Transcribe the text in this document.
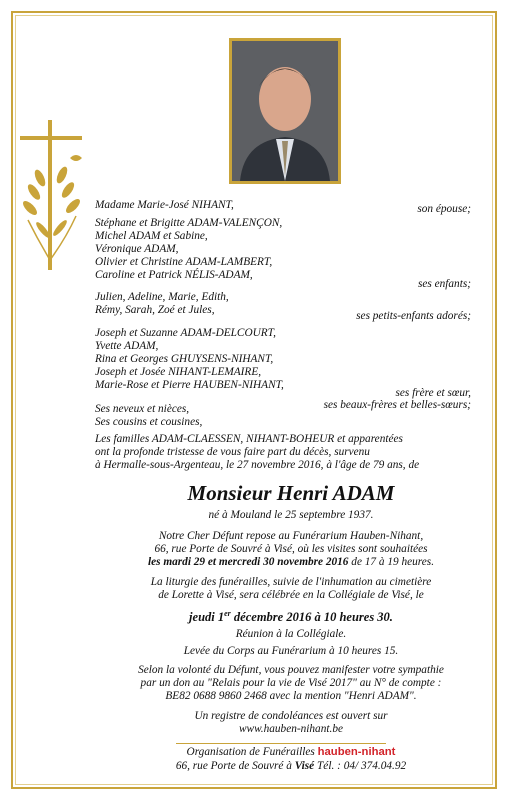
Madame Marie-José NIHANT,	son épouse;
Stéphane et Brigitte ADAM-VALENÇON,
Michel ADAM et Sabine,
Véronique ADAM,
Olivier et Christine ADAM-LAMBERT,
Caroline et Patrick NÉLIS-ADAM,
ses enfants;
Julien, Adeline, Marie, Edith,
Rémy, Sarah, Zoé et Jules,	ses petits-enfants adorés;
Joseph et Suzanne ADAM-DELCOURT,
Yvette ADAM,
Rina et Georges GHUYSENS-NIHANT,
Joseph et Josée NIHANT-LEMAIRE,
Marie-Rose et Pierre HAUBEN-NIHANT,
ses frère et sœur,
ses beaux-frères et belles-sœurs;
Ses neveux et nièces,
Ses cousins et cousines,
Les familles ADAM-CLAESSEN, NIHANT-BOHEUR et apparentées
ont la profonde tristesse de vous faire part du décès, survenu
à Hermalle-sous-Argenteau, le 27 novembre 2016, à l'âge de 79 ans, de
Monsieur Henri ADAM
né à Mouland le 25 septembre 1937.
Notre Cher Défunt repose au Funérarium Hauben-Nihant,
66, rue Porte de Souvré à Visé, où les visites sont souhaitées
les mardi 29 et mercredi 30 novembre 2016 de 17 à 19 heures.
La liturgie des funérailles, suivie de l'inhumation au cimetière
de Lorette à Visé, sera célébrée en la Collégiale de Visé, le
jeudi 1er décembre 2016 à 10 heures 30.
Réunion à la Collégiale.
Levée du Corps au Funérarium à 10 heures 15.
Selon la volonté du Défunt, vous pouvez manifester votre sympathie
par un don au "Relais pour la vie de Visé 2017" au N° de compte :
BE82 0688 9860 2468 avec la mention "Henri ADAM".
Un registre de condoléances est ouvert sur
www.hauben-nihant.be
Organisation de Funérailles hauben-nihant
66, rue Porte de Souvré à Visé Tél. : 04/ 374.04.92
